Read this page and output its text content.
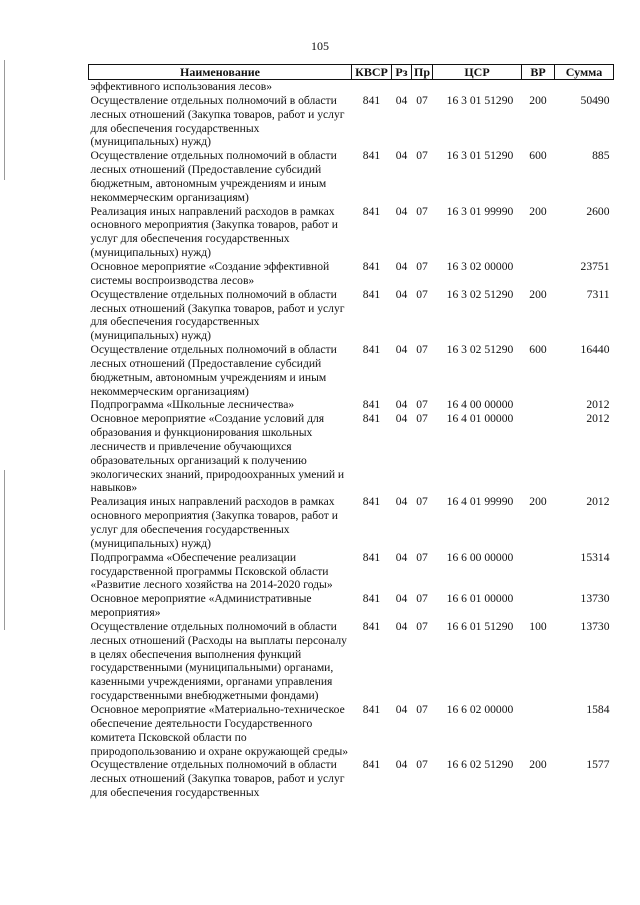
105
Наименование	КВСР	Рз	Пр	ЦСР	ВР	Сумма
эффективного использования лесов»						
Осуществление отдельных полномочий в области лесных отношений (Закупка товаров, работ и услуг для обеспечения государственных (муниципальных) нужд)	841	04	07	16 3 01 51290	200	50490
Осуществление отдельных полномочий в области лесных отношений (Предоставление субсидий бюджетным, автономным учреждениям и иным некоммерческим организациям)	841	04	07	16 3 01 51290	600	885
Реализация иных направлений расходов в рамках основного мероприятия (Закупка товаров, работ и услуг для обеспечения государственных (муниципальных) нужд)	841	04	07	16 3 01 99990	200	2600
Основное мероприятие «Создание эффективной системы воспроизводства лесов»	841	04	07	16 3 02 00000		23751
Осуществление отдельных полномочий в области лесных отношений (Закупка товаров, работ и услуг для обеспечения государственных (муниципальных) нужд)	841	04	07	16 3 02 51290	200	7311
Осуществление отдельных полномочий в области лесных отношений (Предоставление субсидий бюджетным, автономным учреждениям и иным некоммерческим организациям)	841	04	07	16 3 02 51290	600	16440
Подпрограмма «Школьные лесничества»	841	04	07	16 4 00 00000		2012
Основное мероприятие «Создание условий для образования и функционирования школьных лесничеств и привлечение обучающихся образовательных организаций к получению экологических знаний, природоохранных умений и навыков»	841	04	07	16 4 01 00000		2012
Реализация иных направлений расходов в рамках основного мероприятия (Закупка товаров, работ и услуг для обеспечения государственных (муниципальных) нужд)	841	04	07	16 4 01 99990	200	2012
Подпрограмма «Обеспечение реализации государственной программы Псковской области «Развитие лесного хозяйства на 2014-2020 годы»	841	04	07	16 6 00 00000		15314
Основное мероприятие «Административные мероприятия»	841	04	07	16 6 01 00000		13730
Осуществление отдельных полномочий в области лесных отношений (Расходы на выплаты персоналу в целях обеспечения выполнения функций государственными (муниципальными) органами, казенными учреждениями, органами управления государственными внебюджетными фондами)	841	04	07	16 6 01 51290	100	13730
Основное мероприятие «Материально-техническое обеспечение деятельности Государственного комитета Псковской области по природопользованию и охране окружающей среды»	841	04	07	16 6 02 00000		1584
Осуществление отдельных полномочий в области лесных отношений (Закупка товаров, работ и услуг для обеспечения государственных	841	04	07	16 6 02 51290	200	1577
